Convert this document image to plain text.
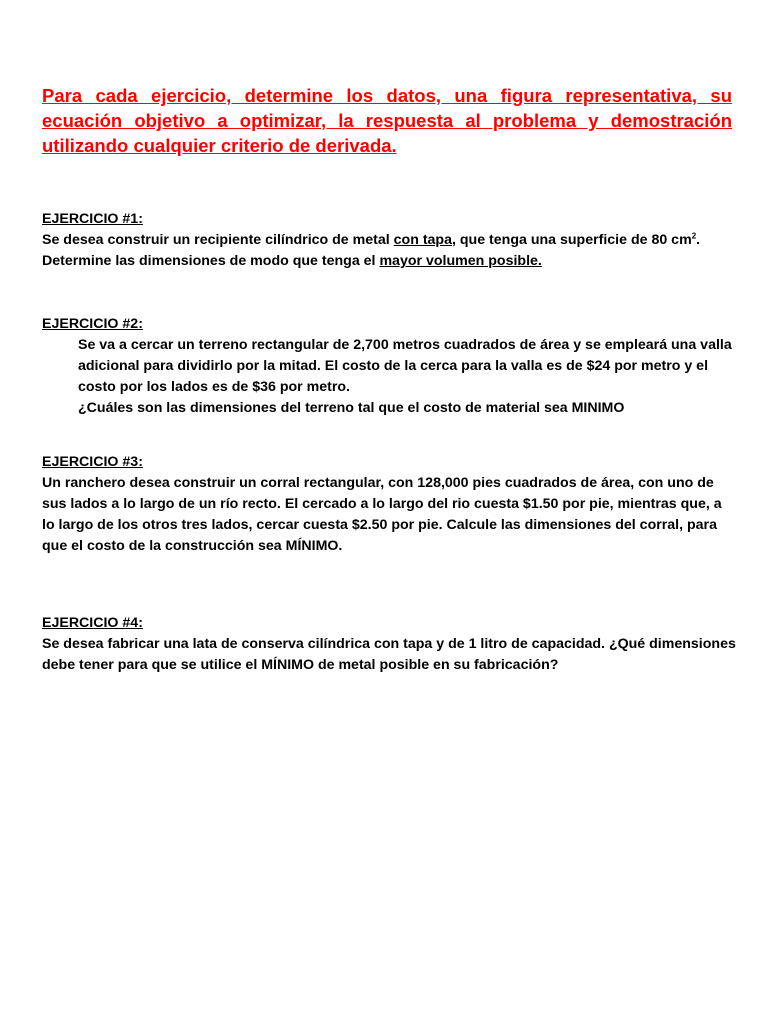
Para cada ejercicio, determine los datos, una figura representativa, su ecuación objetivo a optimizar, la respuesta al problema y demostración utilizando cualquier criterio de derivada.
EJERCICIO #1:

Se desea construir un recipiente cilíndrico de metal con tapa, que tenga una superficie de 80 $cm^2$. Determine las dimensiones de modo que tenga el mayor volumen posible.

EJERCICIO #2:

Se va a cercar un terreno rectangular de 2,700 metros cuadrados de área y se empleará una valla adicional para dividirlo por la mitad. El costo de la cerca para la valla es de $24 por metro y el costo por los lados es de $36 por metro.

¿Cuáles son las dimensiones del terreno tal que el costo de material sea MINIMO

EJERCICIO #3:

Un ranchero desea construir un corral rectangular, con 128,000 pies cuadrados de área, con uno de sus lados a lo largo de un río recto. El cercado a lo largo del rio cuesta $1.50 por pie, mientras que, a lo largo de los otros tres lados, cercar cuesta $2.50 por pie. Calcule las dimensiones del corral, para que el costo de la construcción sea MÍNIMO.

EJERCICIO #4:

Se desea fabricar una lata de conserva cilíndrica con tapa y de 1 litro de capacidad. ¿Qué dimensiones debe tener para que se utilice el MÍNIMO de metal posible en su fabricación?
